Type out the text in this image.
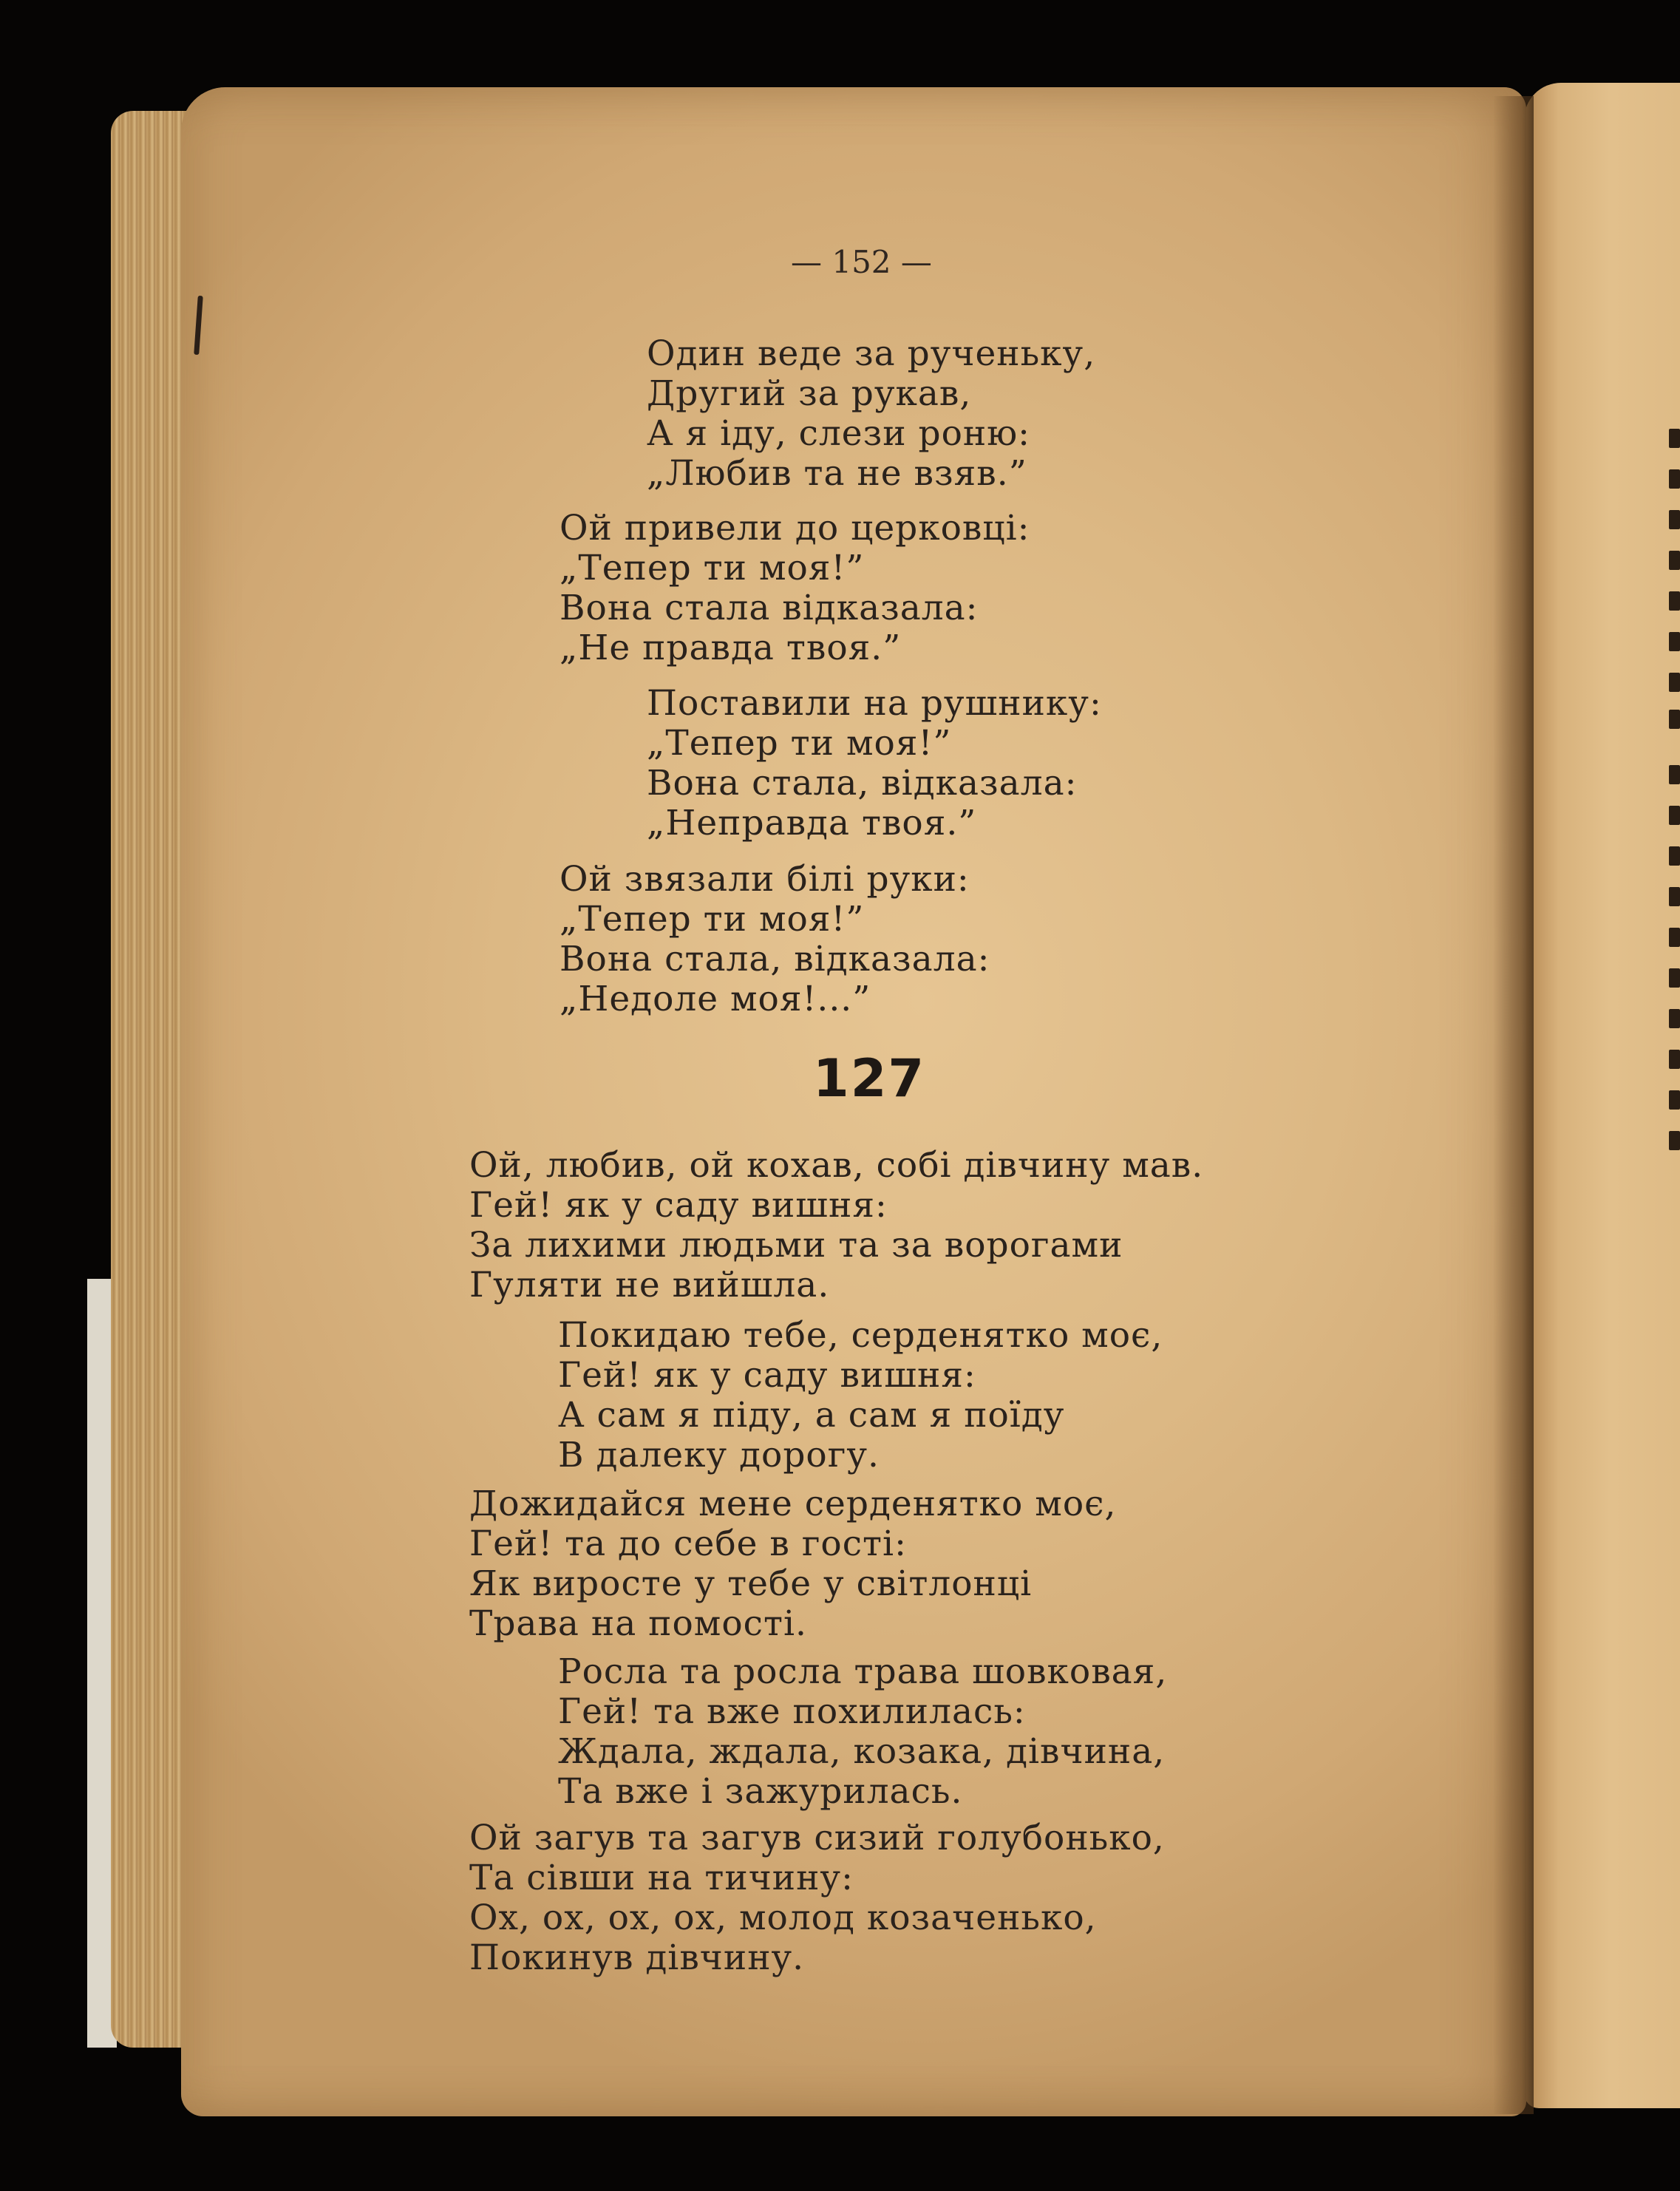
— 152 —
Один веде за рученьку,
Другий за рукав,
А я іду, слези роню:
„Любив та не взяв.”
Ой привели до церковці:
„Тепер ти моя!”
Вона стала відказала:
„Не правда твоя.”
Поставили на рушнику:
„Тепер ти моя!”
Вона стала, відказала:
„Неправда твоя.”
Ой звязали білі руки:
„Тепер ти моя!”
Вона стала, відказала:
„Недоле моя!...”
127
Ой, любив, ой кохав, собі дівчину мав.
Гей! як у саду вишня:
За лихими людьми та за ворогами
Гуляти не вийшла.
Покидаю тебе, серденятко моє,
Гей! як у саду вишня:
А сам я піду, а сам я поїду
В далеку дорогу.
Дожидайся мене серденятко моє,
Гей! та до себе в гості:
Як виросте у тебе у світлонці
Трава на помості.
Росла та росла трава шовковая,
Гей! та вже похилилась:
Ждала, ждала, козака, дівчина,
Та вже і зажурилась.
Ой загув та загув сизий голубонько,
Та сівши на тичину:
Ох, ох, ох, ох, молод козаченько,
Покинув дівчину.
